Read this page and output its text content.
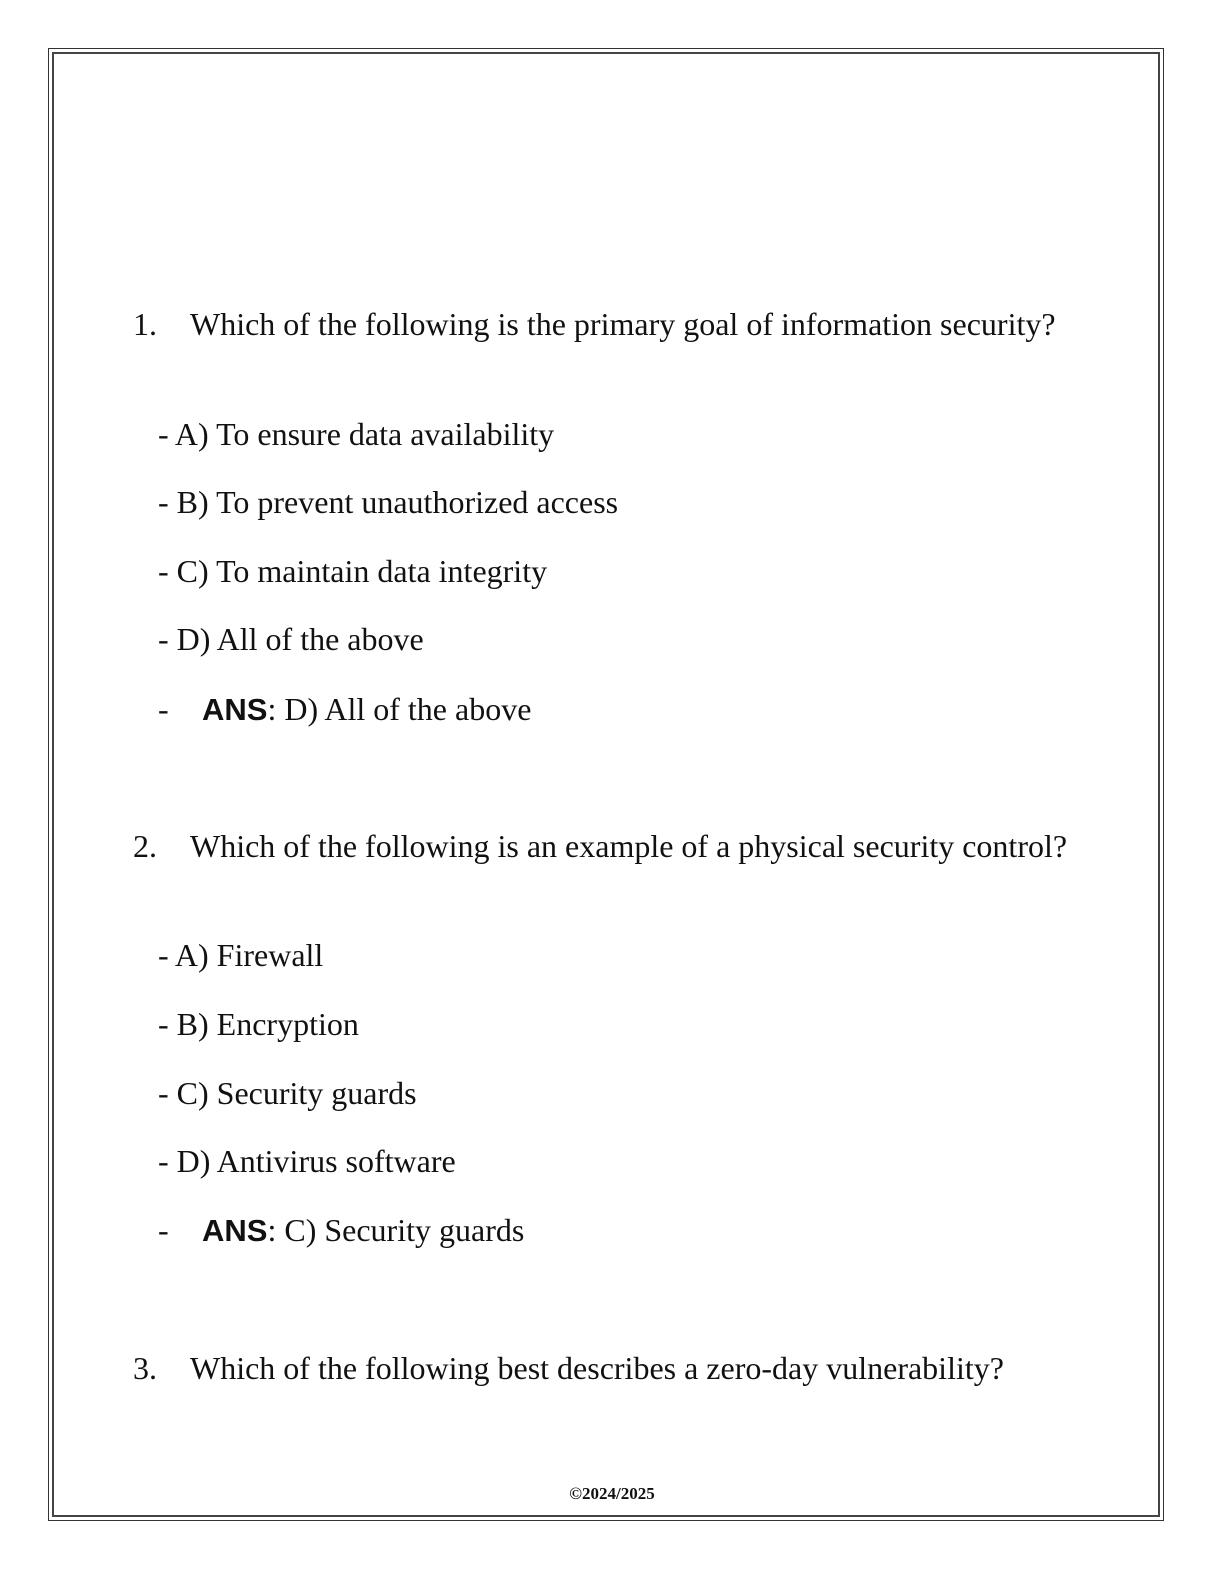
1. Which of the following is the primary goal of information security?

- A) To ensure data availability

- B) To prevent unauthorized access

- C) To maintain data integrity

- D) All of the above

- ANS: D) All of the above

2. Which of the following is an example of a physical security control?

- A) Firewall

- B) Encryption

- C) Security guards

- D) Antivirus software

- ANS: C) Security guards

3. Which of the following best describes a zero-day vulnerability?

©2024/2025
